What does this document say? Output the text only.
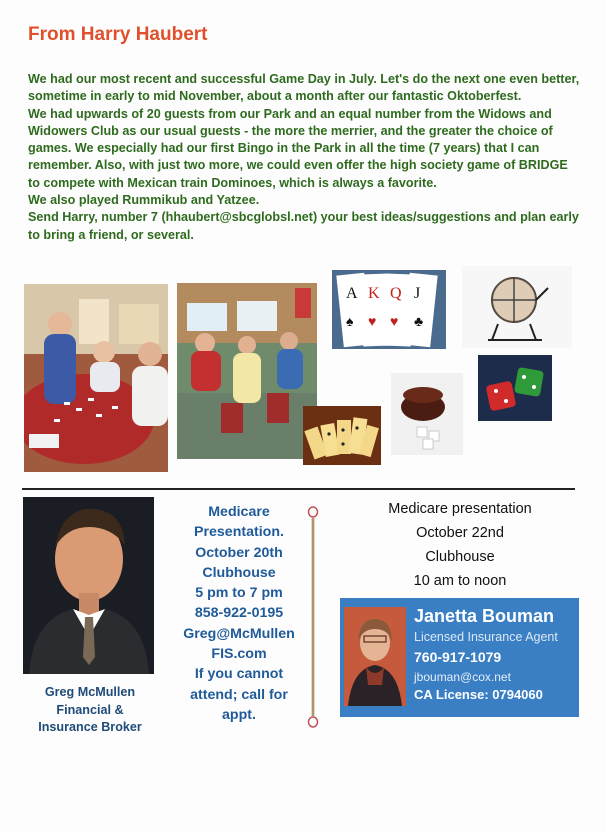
From Harry Haubert

We had our most recent and successful Game Day in July. Let's do the next one even better, sometime in early to mid November, about a month after our fantastic Oktoberfest.

We had upwards of 20 guests from our Park and an equal number from the Widows and Widowers Club as our usual guests - the more the merrier, and the greater the choice of games. We especially had our first Bingo in the Park in all the time (7 years) that I can remember. Also, with just two more, we could even offer the high society game of BRIDGE to compete with Mexican train Dominoes, which is always a favorite.

We also played Rummikub and Yatzee.

Send Harry, number 7 (hhaubert@sbcglobsl.net) your best ideas/suggestions and plan early to bring a friend, or several.

A K Q J
♠ ♥ ♥ ♣
Greg McMullen
Financial &
Insurance Broker
Medicare
Presentation.
October 20th
Clubhouse
5 pm to 7 pm
858-922-0195
Greg@McMullen
FIS.com
If you cannot
attend; call for
appt.
Medicare presentation
October 22nd
Clubhouse
10 am to noon
Janetta Bouman
Licensed Insurance Agent
760-917-1079
jbouman@cox.net
CA License: 0794060
